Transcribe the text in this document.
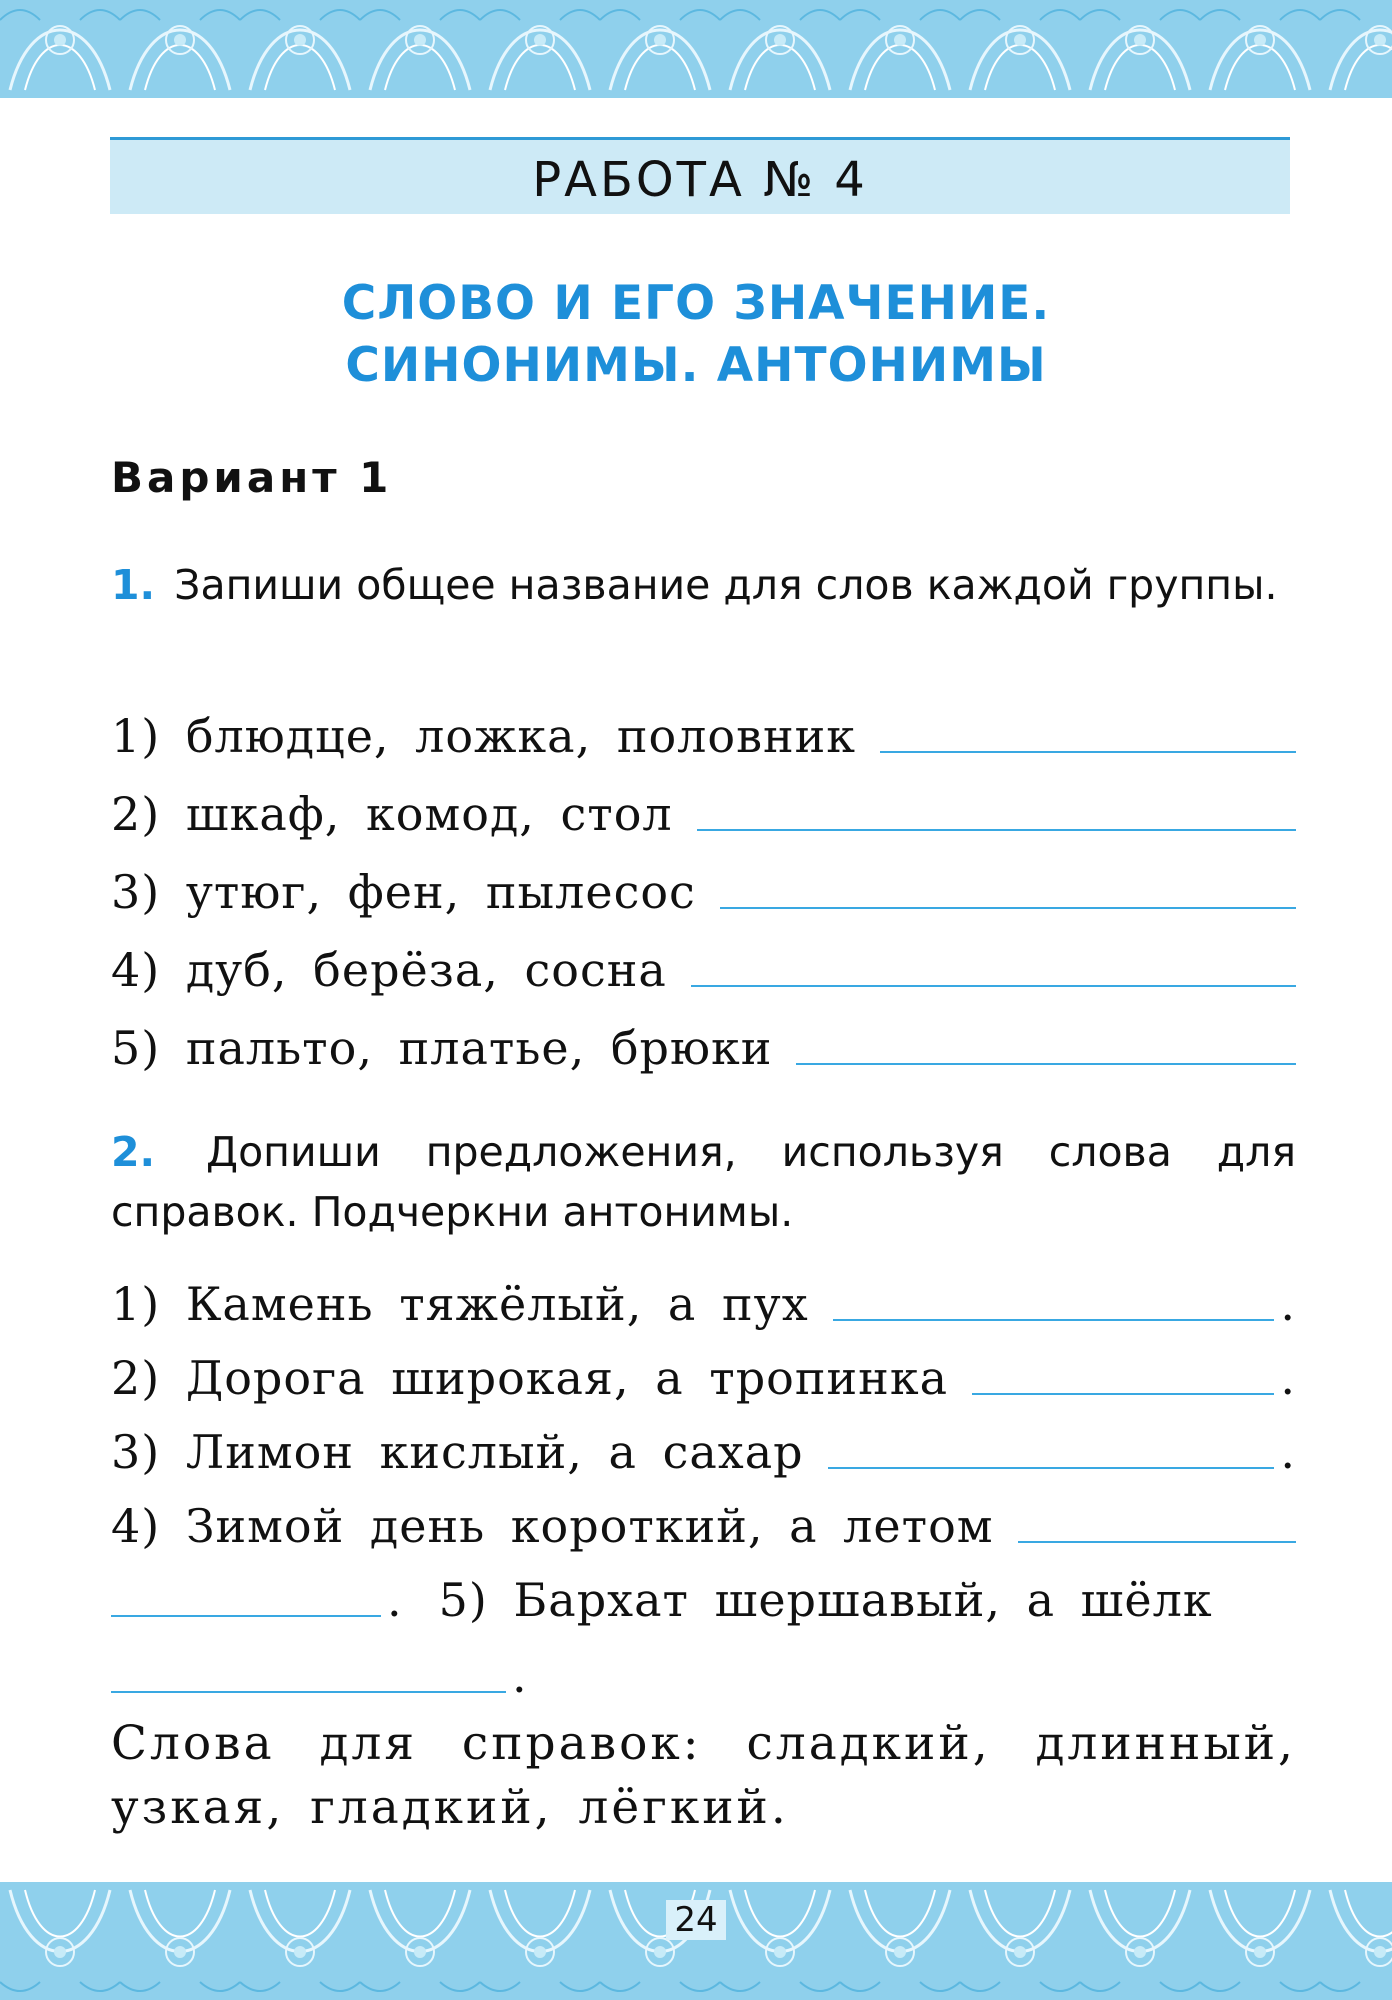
РАБОТА № 4
СЛОВО И ЕГО ЗНАЧЕНИЕ.
СИНОНИМЫ. АНТОНИМЫ
Вариант 1
1. Запиши общее название для слов каждой группы.
1) блюдце, ложка, половник
2) шкаф, комод, стол
3) утюг, фен, пылесос
4) дуб, берёза, сосна
5) пальто, платье, брюки
2. Допиши предложения, используя слова для справок. Подчеркни антонимы.
1) Камень тяжёлый, а пух	.
2) Дорога широкая, а тропинка	.
3) Лимон кислый, а сахар	.
4) Зимой день короткий, а летом
. 5) Бархат шершавый, а шёлк
.
Слова для справок: сладкий, длинный, узкая, гладкий, лёгкий.
24
